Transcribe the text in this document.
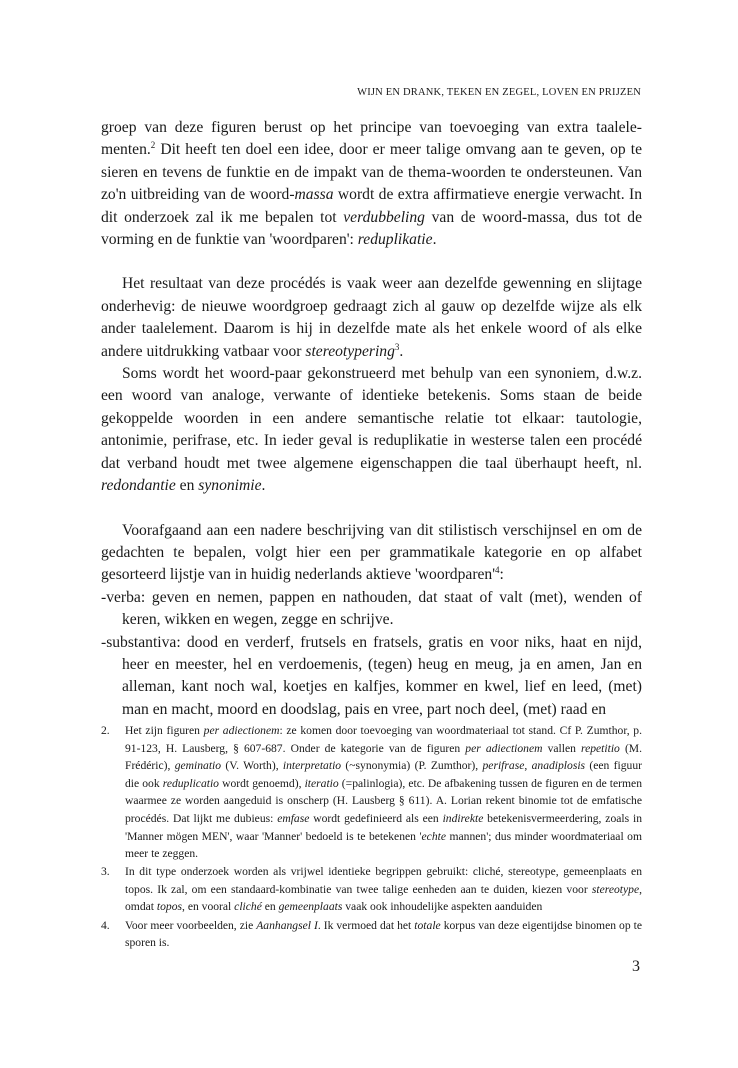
WIJN EN DRANK, TEKEN EN ZEGEL, LOVEN EN PRIJZEN

groep van deze figuren berust op het principe van toevoeging van extra taalelementen.$^2$ Dit heeft ten doel een idee, door er meer talige omvang aan te geven, op te sieren en tevens de funktie en de impakt van de thema-woorden te ondersteunen. Van zo'n uitbreiding van de woord-massa wordt de extra affirmatieve energie verwacht. In dit onderzoek zal ik me bepalen tot verdubbeling van de woord-massa, dus tot de vorming en de funktie van 'woordparen': reduplikatie.

Het resultaat van deze procédés is vaak weer aan dezelfde gewenning en slijtage onderhevig: de nieuwe woordgroep gedraagt zich al gauw op dezelfde wijze als elk ander taalelement. Daarom is hij in dezelfde mate als het enkele woord of als elke andere uitdrukking vatbaar voor stereotypering$^3$.

Soms wordt het woord-paar gekonstrueerd met behulp van een synoniem, d.w.z. een woord van analoge, verwante of identieke betekenis. Soms staan de beide gekoppelde woorden in een andere semantische relatie tot elkaar: tautologie, antonimie, perifrase, etc. In ieder geval is reduplikatie in westerse talen een procédé dat verband houdt met twee algemene eigenschappen die taal überhaupt heeft, nl. redondantie en synonimie.

Voorafgaand aan een nadere beschrijving van dit stilistisch verschijnsel en om de gedachten te bepalen, volgt hier een per grammatikale kategorie en op alfabet gesorteerd lijstje van in huidig nederlands aktieve '$woordparen'^4$:

-verba: geven en nemen, pappen en nathouden, dat staat of valt (met), wenden of keren, wikken en wegen, zegge en schrijve.

-substantiva: dood en verderf, frutsels en fratsels, gratis en voor niks, haat en nijd, heer en meester, hel en verdoemenis, (tegen) heug en meug, ja en amen, Jan en alleman, kant noch wal, koetjes en kalfjes, kommer en kwel, lief en leed, (met) man en macht, moord en doodslag, pais en vree, part noch deel, (met) raad en

2. Het zijn figuren per adiectionem: ze komen door toevoeging van woordmateriaal tot stand. Cf P. Zumthor, p. 91-123, H. Lausberg, § 607-687. Onder de kategorie van de figuren per adiectionem vallen repetitio (M. Frédéric), geminatio (V. Worth), interpretatio (~synonymia) (P. Zumthor), perifrase, anadiplosis (een figuur die ook reduplicatio wordt genoemd), iteratio (=palinlogia), etc. De afbakening tussen de figuren en de termen waarmee ze worden aangeduid is onscherp (H. Lausberg § 611). A. Lorian rekent binomie tot de emfatische procédés. Dat lijkt me dubieus: emfase wordt gedefinieerd als een indirekte betekenisvermeerdering, zoals in 'Manner mögen MEN', waar 'Manner' bedoeld is te betekenen 'echte mannen'; dus minder woordmateriaal om meer te zeggen.

3. In dit type onderzoek worden als vrijwel identieke begrippen gebruikt: cliché, stereotype, gemeenplaats en topos. Ik zal, om een standaard-kombinatie van twee talige eenheden aan te duiden, kiezen voor stereotype, omdat topos, en vooral cliché en gemeenplaats vaak ook inhoudelijke aspekten aanduiden

4. Voor meer voorbeelden, zie Aanhangsel I. Ik vermoed dat het totale korpus van deze eigentijdse binomen op te sporen is.

3
